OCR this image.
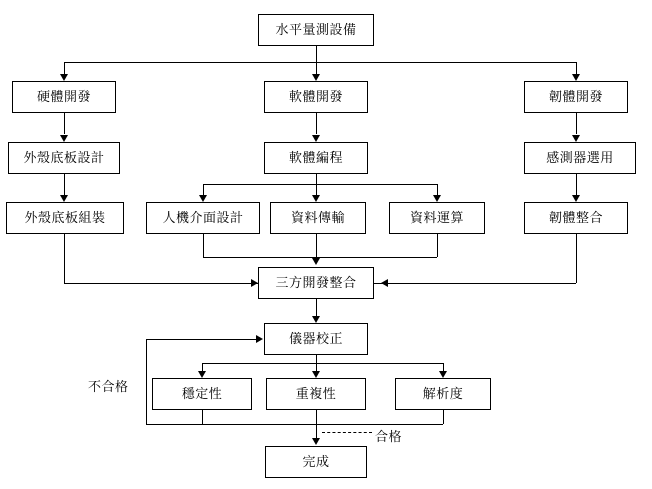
水平量測設備
硬體開發	軟體開發	韌體開發
外殼底板設計	軟體編程	感測器選用
外殼底板組裝	人機介面設計	資料傳輸	資料運算	韌體整合
三方開發整合
儀器校正
穩定性	重複性	解析度
完成
不合格
合格
